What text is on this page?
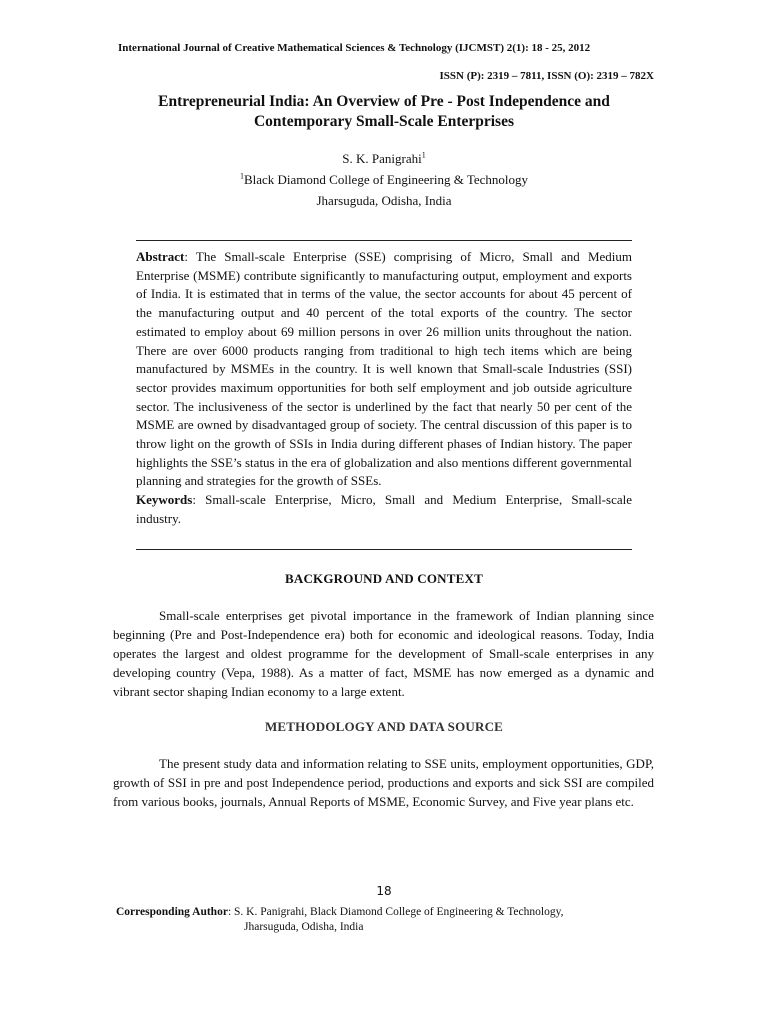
International Journal of Creative Mathematical Sciences & Technology (IJCMST) 2(1): 18 - 25, 2012
ISSN (P): 2319 – 7811, ISSN (O): 2319 – 782X
Entrepreneurial India: An Overview of Pre - Post Independence and
Contemporary Small-Scale Enterprises
S. K. Panigrahi$^1$
$^1$Black Diamond College of Engineering & Technology
Jharsuguda, Odisha, India

Abstract: The Small-scale Enterprise (SSE) comprising of Micro, Small and Medium Enterprise (MSME) contribute significantly to manufacturing output, employment and exports of India. It is estimated that in terms of the value, the sector accounts for about 45 percent of the manufacturing output and 40 percent of the total exports of the country. The sector estimated to employ about 69 million persons in over 26 million units throughout the nation. There are over 6000 products ranging from traditional to high tech items which are being manufactured by MSMEs in the country. It is well known that Small-scale Industries (SSI) sector provides maximum opportunities for both self employment and job outside agriculture sector. The inclusiveness of the sector is underlined by the fact that nearly 50 per cent of the MSME are owned by disadvantaged group of society. The central discussion of this paper is to throw light on the growth of SSIs in India during different phases of Indian history. The paper highlights the SSE’s status in the era of globalization and also mentions different governmental planning and strategies for the growth of SSEs.

Keywords: Small-scale Enterprise, Micro, Small and Medium Enterprise, Small-scale industry.

BACKGROUND AND CONTEXT

Small-scale enterprises get pivotal importance in the framework of Indian planning since beginning (Pre and Post-Independence era) both for economic and ideological reasons. Today, India operates the largest and oldest programme for the development of Small-scale enterprises in any developing country (Vepa, 1988). As a matter of fact, MSME has now emerged as a dynamic and vibrant sector shaping Indian economy to a large extent.

METHODOLOGY AND DATA SOURCE

The present study data and information relating to SSE units, employment opportunities, GDP, growth of SSI in pre and post Independence period, productions and exports and sick SSI are compiled from various books, journals, Annual Reports of MSME, Economic Survey, and Five year plans etc.

18
Corresponding Author: S. K. Panigrahi, Black Diamond College of Engineering & Technology,
Jharsuguda, Odisha, India
